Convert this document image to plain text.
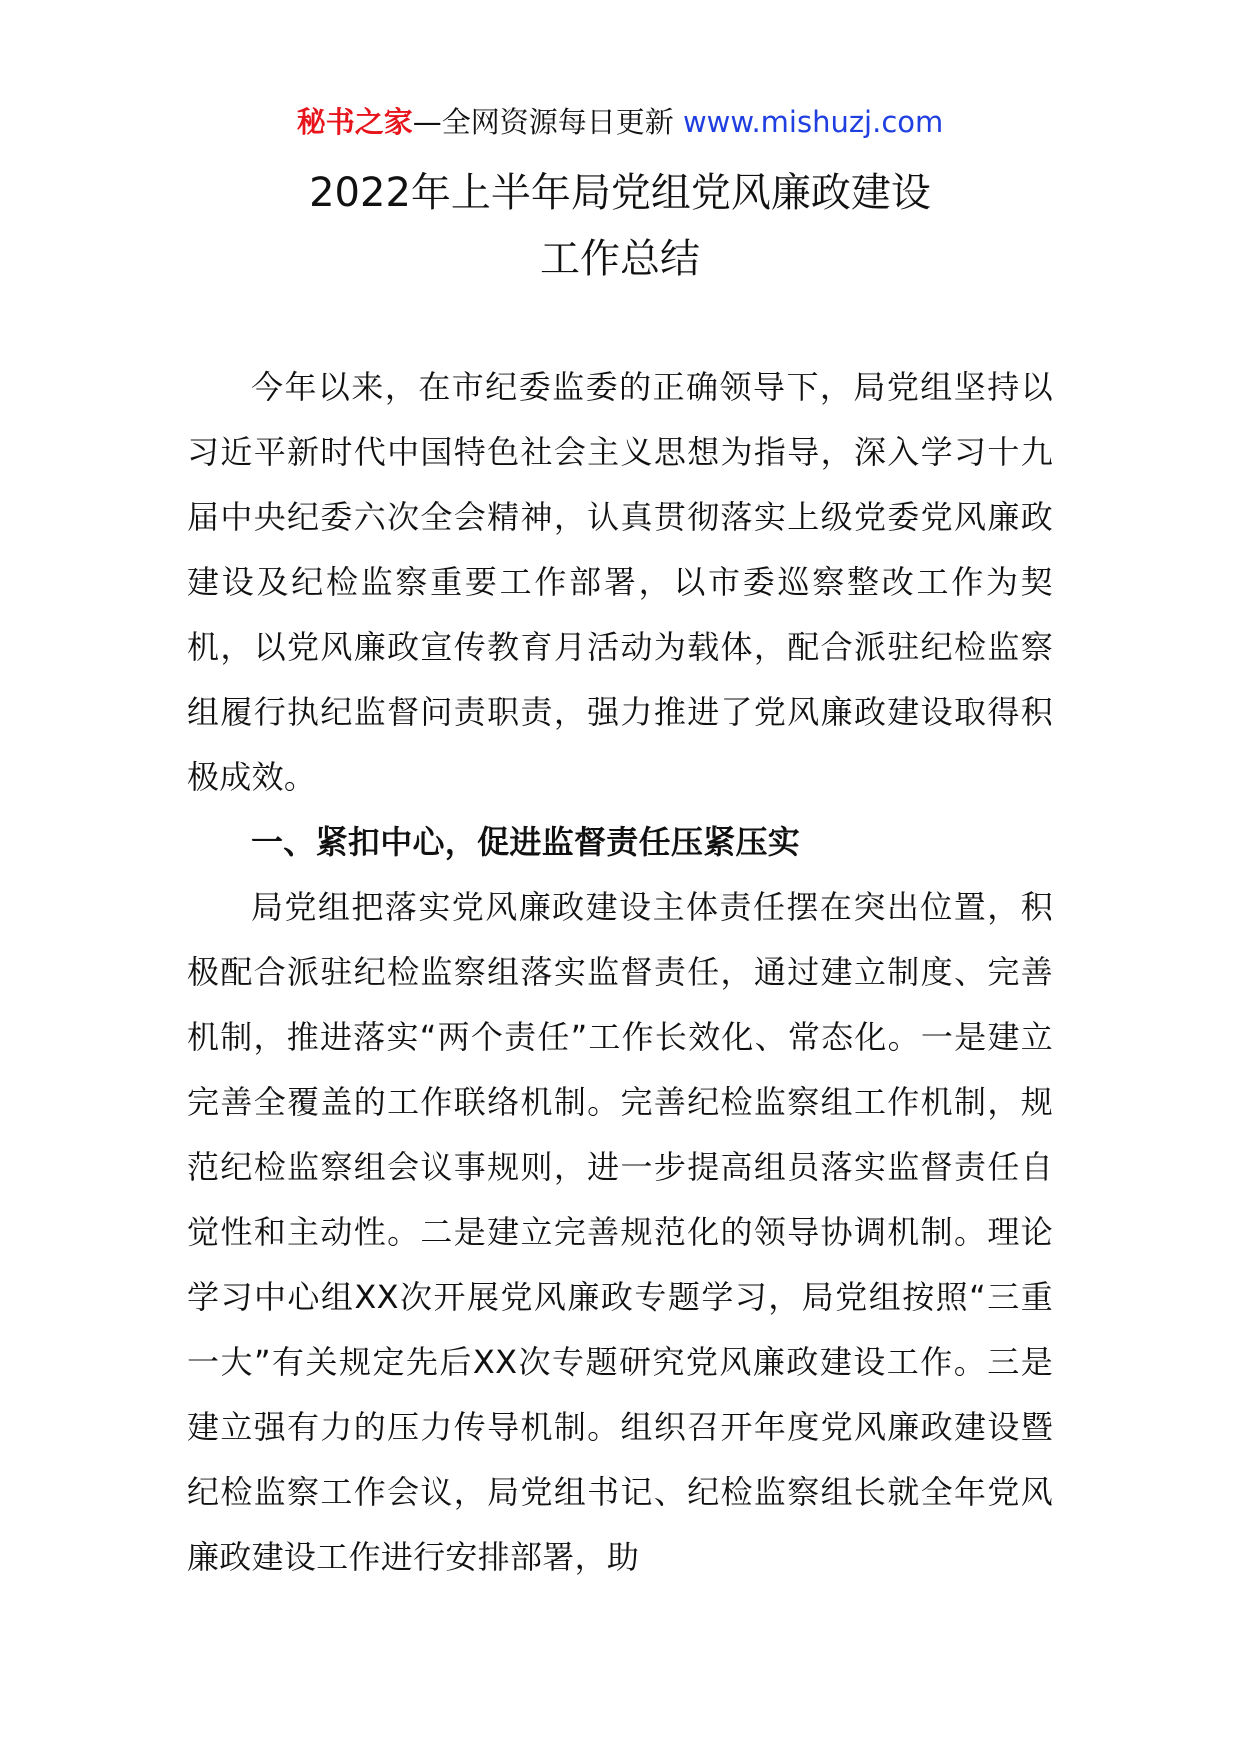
秘书之家—全网资源每日更新 www.mishuzj.com
2022年上半年局党组党风廉政建设
工作总结

今年以来，在市纪委监委的正确领导下，局党组坚持以习近平新时代中国特色社会主义思想为指导，深入学习十九届中央纪委六次全会精神，认真贯彻落实上级党委党风廉政建设及纪检监察重要工作部署，以市委巡察整改工作为契机，以党风廉政宣传教育月活动为载体，配合派驻纪检监察组履行执纪监督问责职责，强力推进了党风廉政建设取得积极成效。

一、紧扣中心，促进监督责任压紧压实

局党组把落实党风廉政建设主体责任摆在突出位置，积极配合派驻纪检监察组落实监督责任，通过建立制度、完善机制，推进落实“两个责任”工作长效化、常态化。一是建立完善全覆盖的工作联络机制。完善纪检监察组工作机制，规范纪检监察组会议事规则，进一步提高组员落实监督责任自觉性和主动性。二是建立完善规范化的领导协调机制。理论学习中心组XX次开展党风廉政专题学习，局党组按照“三重一大”有关规定先后XX次专题研究党风廉政建设工作。三是建立强有力的压力传导机制。组织召开年度党风廉政建设暨纪检监察工作会议，局党组书记、纪检监察组长就全年党风廉政建设工作进行安排部署，助
